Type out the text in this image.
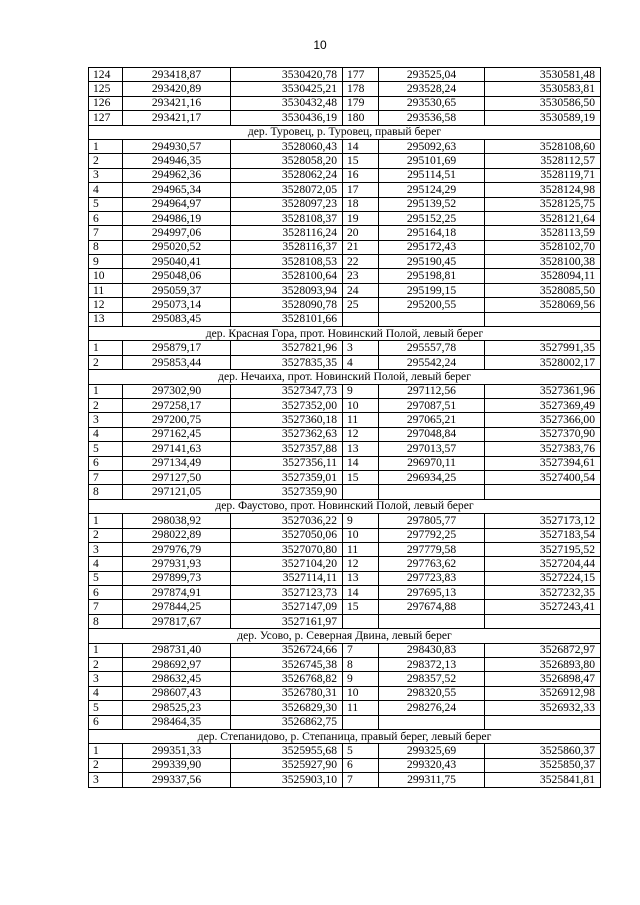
10
124	293418,87	3530420,78	177	293525,04	3530581,48
125	293420,89	3530425,21	178	293528,24	3530583,81
126	293421,16	3530432,48	179	293530,65	3530586,50
127	293421,17	3530436,19	180	293536,58	3530589,19
дер. Туровец, р. Туровец, правый берег					
1	294930,57	3528060,43	14	295092,63	3528108,60
2	294946,35	3528058,20	15	295101,69	3528112,57
3	294962,36	3528062,24	16	295114,51	3528119,71
4	294965,34	3528072,05	17	295124,29	3528124,98
5	294964,97	3528097,23	18	295139,52	3528125,75
6	294986,19	3528108,37	19	295152,25	3528121,64
7	294997,06	3528116,24	20	295164,18	3528113,59
8	295020,52	3528116,37	21	295172,43	3528102,70
9	295040,41	3528108,53	22	295190,45	3528100,38
10	295048,06	3528100,64	23	295198,81	3528094,11
11	295059,37	3528093,94	24	295199,15	3528085,50
12	295073,14	3528090,78	25	295200,55	3528069,56
13	295083,45	3528101,66			
дер. Красная Гора, прот. Новинский Полой, левый берег					
1	295879,17	3527821,96	3	295557,78	3527991,35
2	295853,44	3527835,35	4	295542,24	3528002,17
дер. Нечаиха, прот. Новинский Полой, левый берег					
1	297302,90	3527347,73	9	297112,56	3527361,96
2	297258,17	3527352,00	10	297087,51	3527369,49
3	297200,75	3527360,18	11	297065,21	3527366,00
4	297162,45	3527362,63	12	297048,84	3527370,90
5	297141,63	3527357,88	13	297013,57	3527383,76
6	297134,49	3527356,11	14	296970,11	3527394,61
7	297127,50	3527359,01	15	296934,25	3527400,54
8	297121,05	3527359,90			
дер. Фаустово, прот. Новинский Полой, левый берег					
1	298038,92	3527036,22	9	297805,77	3527173,12
2	298022,89	3527050,06	10	297792,25	3527183,54
3	297976,79	3527070,80	11	297779,58	3527195,52
4	297931,93	3527104,20	12	297763,62	3527204,44
5	297899,73	3527114,11	13	297723,83	3527224,15
6	297874,91	3527123,73	14	297695,13	3527232,35
7	297844,25	3527147,09	15	297674,88	3527243,41
8	297817,67	3527161,97			
дер. Усово, р. Северная Двина, левый берег					
1	298731,40	3526724,66	7	298430,83	3526872,97
2	298692,97	3526745,38	8	298372,13	3526893,80
3	298632,45	3526768,82	9	298357,52	3526898,47
4	298607,43	3526780,31	10	298320,55	3526912,98
5	298525,23	3526829,30	11	298276,24	3526932,33
6	298464,35	3526862,75			
дер. Степанидово, р. Степаница, правый берег, левый берег					
1	299351,33	3525955,68	5	299325,69	3525860,37
2	299339,90	3525927,90	6	299320,43	3525850,37
3	299337,56	3525903,10	7	299311,75	3525841,81
